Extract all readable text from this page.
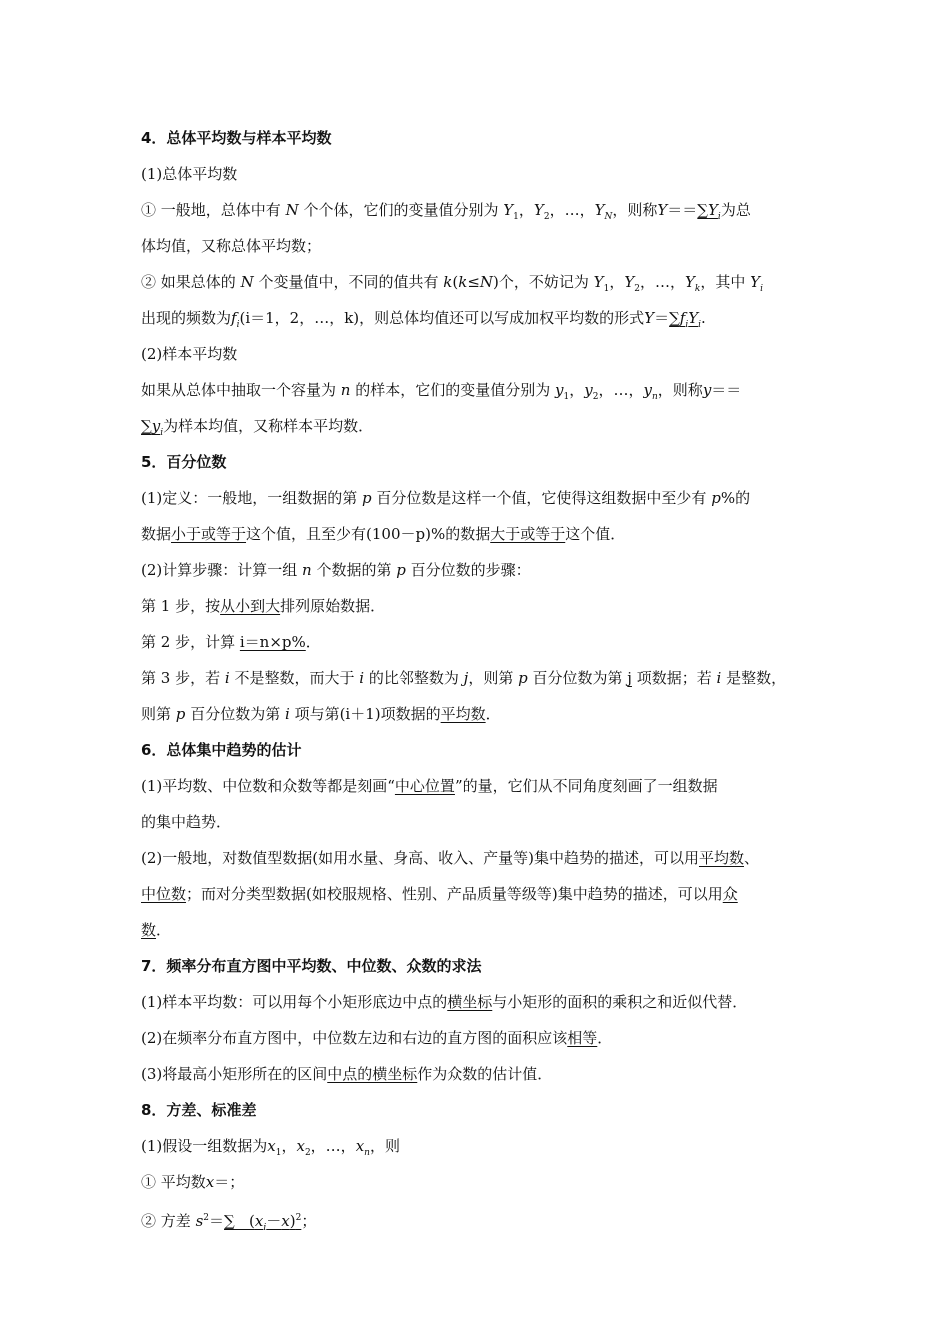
4．总体平均数与样本平均数
(1)总体平均数
① 一般地，总体中有 N 个个体，它们的变量值分别为 $Y_1$，$Y_2$，…，$Y_N$，则称$Y==\sum Y_i$为总
体均值，又称总体平均数；
② 如果总体的 N 个变量值中，不同的值共有 k(k≤N)个，不妨记为 $Y_1$，$Y_2$，…，$Y_k$，其中 $Y_i$
出现的频数为$f_i(i=1$，2，…，k)，则总体均值还可以写成加权平均数的形式$Y=\sum f_iY_i$.
(2)样本平均数
如果从总体中抽取一个容量为 n 的样本，它们的变量值分别为 $y_1$，$y_2$，…，$y_n$，则称y＝＝
$\sum y_i$为样本均值，又称样本平均数．
5．百分位数
(1)定义：一般地，一组数据的第 p 百分位数是这样一个值，它使得这组数据中至少有 p%的
数据小于或等于这个值，且至少有(100－p)%的数据大于或等于这个值．
(2)计算步骤：计算一组 n 个数据的第 p 百分位数的步骤：
第 1 步，按从小到大排列原始数据．
第 2 步，计算 i＝n×p%．
第 3 步，若 i 不是整数，而大于 i 的比邻整数为 j，则第 p 百分位数为第 j 项数据；若 i 是整数，
则第 p 百分位数为第 i 项与第(i＋1)项数据的平均数．
6．总体集中趋势的估计
(1)平均数、中位数和众数等都是刻画“中心位置”的量，它们从不同角度刻画了一组数据
的集中趋势．
(2)一般地，对数值型数据(如用水量、身高、收入、产量等)集中趋势的描述，可以用平均数、
中位数；而对分类型数据(如校服规格、性别、产品质量等级等)集中趋势的描述，可以用众
数．
7．频率分布直方图中平均数、中位数、众数的求法
(1)样本平均数：可以用每个小矩形底边中点的横坐标与小矩形的面积的乘积之和近似代替．
(2)在频率分布直方图中，中位数左边和右边的直方图的面积应该相等．
(3)将最高小矩形所在的区间中点的横坐标作为众数的估计值．
8．方差、标准差
(1)假设一组数据为$x_1$，$x_2$，…，$x_n$，则
① 平均数x＝；
② 方差 $s^2=\sum$   $(x_i-x)^2$；
